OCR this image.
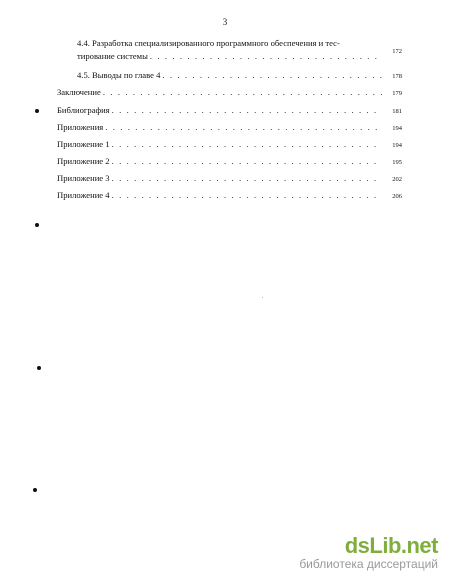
3
4.4. Разработка специализированного программного обеспечения и тес-
тирование системы . . .	172
4.5. Выводы по главе 4 . . .	178
Заключение . . .	179
Библиография . . .	181
Приложения . . .	194
Приложение 1 . . .	194
Приложение 2 . . .	195
Приложение 3 . . .	202
Приложение 4 . . .	206
dsLib.net
библиотека диссертаций
